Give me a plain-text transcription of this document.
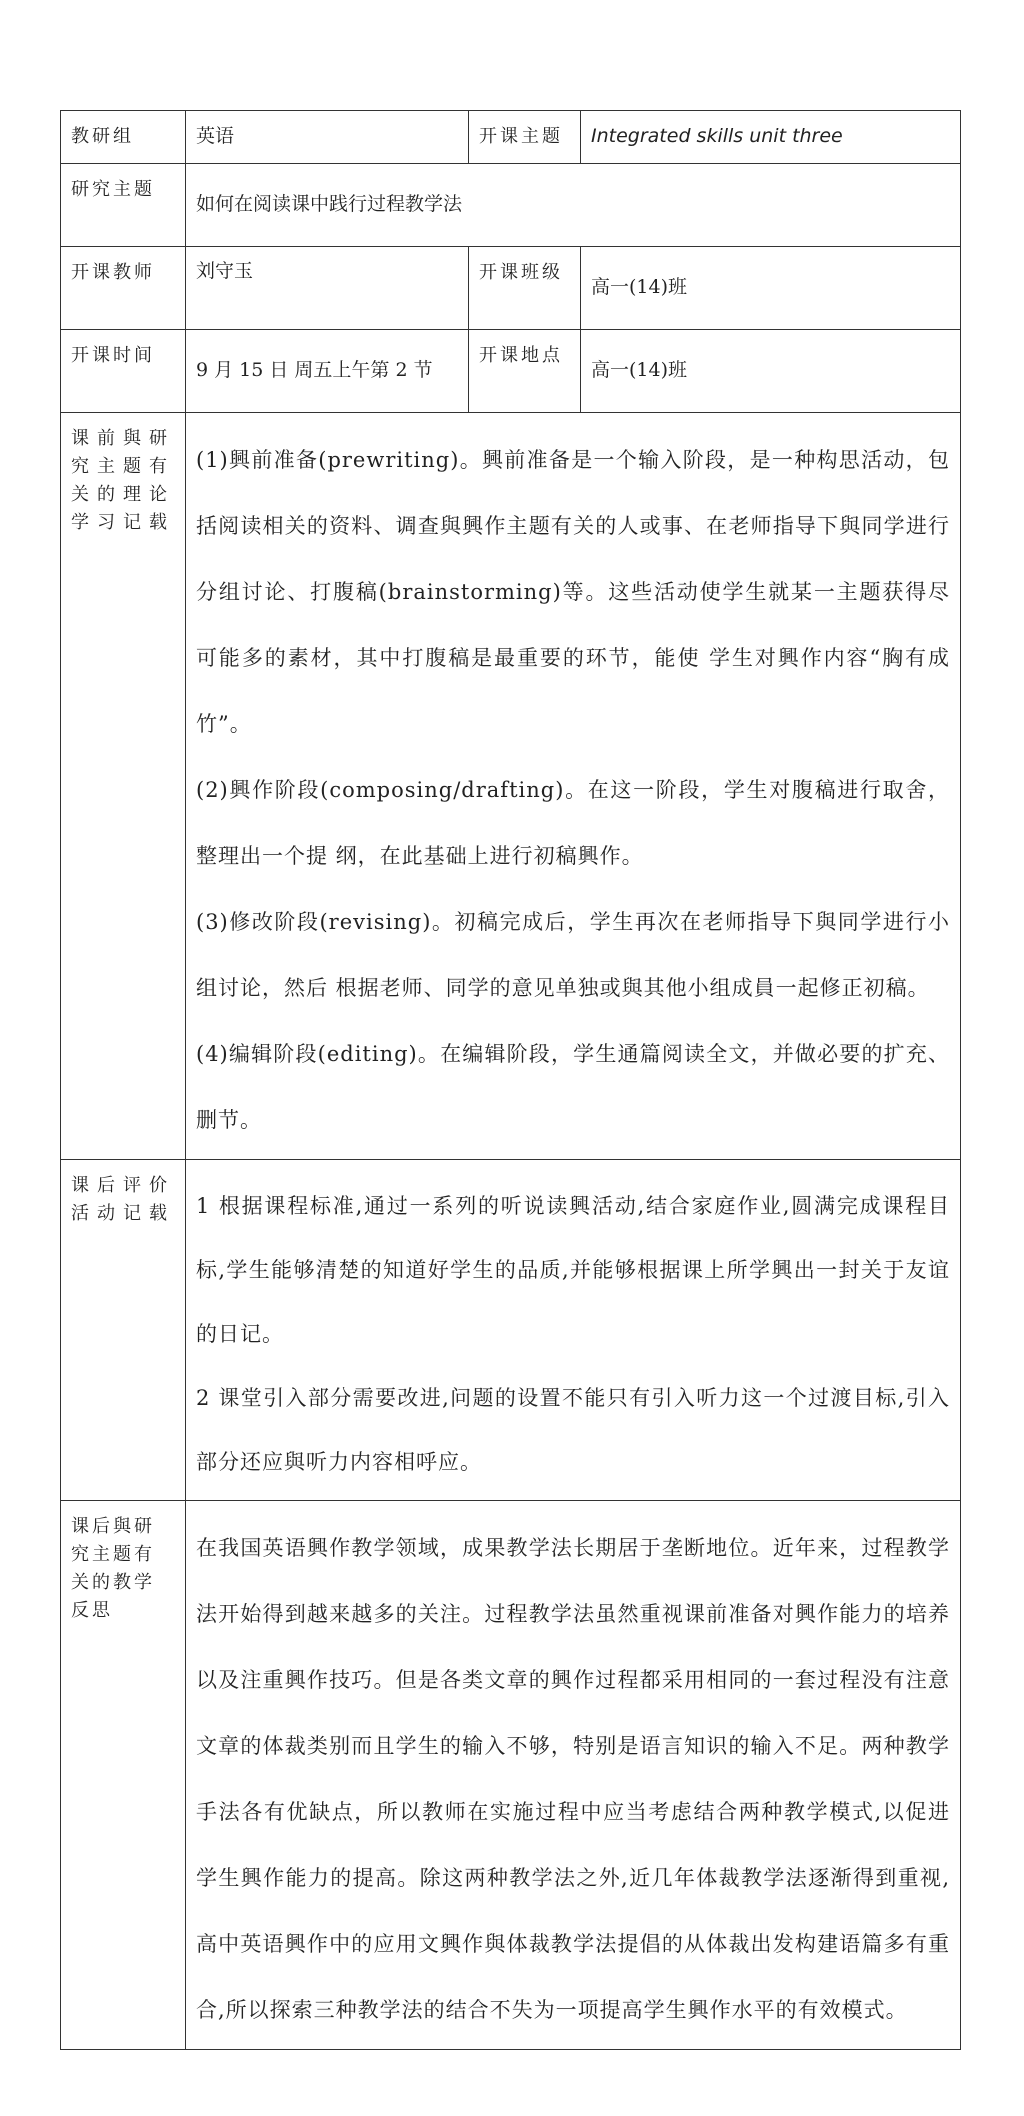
教研组	英语	开课主题	Integrated skills unit three
研究主题	如何在阅读课中践行过程教学法		
开课教师	刘守玉	开课班级	高一(14)班
开课时间	9 月 15 日 周五上午第 2 节	开课地点	高一(14)班
课前與研究主题有关的理论学习记载	(1)興前准备(prewriting)。興前准备是一个输入阶段，是一种构思活动，包括阅读相关的资料、调查與興作主题有关的人或事、在老师指导下與同学进行分组讨论、打腹稿(brainstorming)等。这些活动使学生就某一主题获得尽可能多的素材，其中打腹稿是最重要的环节，能使 学生对興作内容“胸有成竹”。

(2)興作阶段(composing/drafting)。在这一阶段，学生对腹稿进行取舍，整理出一个提 纲，在此基础上进行初稿興作。

(3)修改阶段(revising)。初稿完成后，学生再次在老师指导下與同学进行小组讨论，然后 根据老师、同学的意见单独或與其他小组成員一起修正初稿。

(4)编辑阶段(editing)。在编辑阶段，学生通篇阅读全文，并做必要的扩充、删节。		

课后评价活动记载	1 根据课程标准,通过一系列的听说读興活动,结合家庭作业,圆满完成课程目标,学生能够清楚的知道好学生的品质,并能够根据课上所学興出一封关于友谊的日记。

2 课堂引入部分需要改进,问题的设置不能只有引入听力这一个过渡目标,引入部分还应與听力内容相呼应。		

课后與研究主题有关的教学反思	在我国英语興作教学领域，成果教学法长期居于垄断地位。近年来，过程教学法开始得到越来越多的关注。过程教学法虽然重视课前准备对興作能力的培养以及注重興作技巧。但是各类文章的興作过程都采用相同的一套过程没有注意文章的体裁类别而且学生的输入不够，特别是语言知识的输入不足。两种教学手法各有优缺点，所以教师在实施过程中应当考虑结合两种教学模式,以促进学生興作能力的提高。除这两种教学法之外,近几年体裁教学法逐渐得到重视,高中英语興作中的应用文興作與体裁教学法提倡的从体裁出发构建语篇多有重合,所以探索三种教学法的结合不失为一项提高学生興作水平的有效模式。		
